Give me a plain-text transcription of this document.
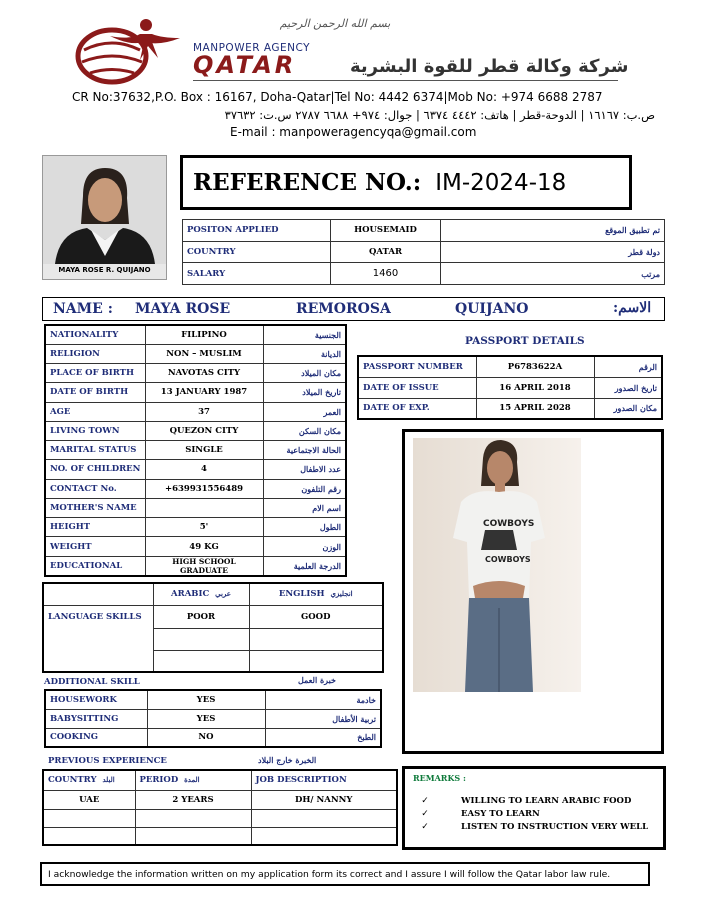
بسم الله الرحمن الرحيم
MANPOWER AGENCY
QATAR	شركة وكالة قطر للقوة البشرية
CR No:37632,P.O. Box : 16167, Doha-Qatar|Tel No: 4442 6374|Mob No: +974 6688 2787
ص.ب: ١٦١٦٧ | الدوحة-قطر | هاتف: ٤٤٤٢ ٦٣٧٤ | جوال: ٩٧٤+ ٦٦٨٨ ٢٧٨٧ س.ت: ٣٧٦٣٢
E-mail : manpoweragencyqa@gmail.com
MAYA ROSE R. QUIJANO
REFERENCE NO.: IM-2024-18
POSITON APPLIED	HOUSEMAID	تم تطبيق الموقع
COUNTRY	QATAR	دولة قطر
SALARY	1460	مرتب
NAME : MAYA ROSE	REMOROSA	QUIJANO	الاسم:
NATIONALITY	FILIPINO	الجنسية
RELIGION	NON – MUSLIM	الديانة
PLACE OF BIRTH	NAVOTAS CITY	مكان الميلاد
DATE OF BIRTH	13 JANUARY 1987	تاريخ الميلاد
AGE	37	العمر
LIVING TOWN	QUEZON CITY	مكان السكن
MARITAL STATUS	SINGLE	الحالة الاجتماعية
NO. OF CHILDREN	4	عدد الاطفال
CONTACT No.	+639931556489	رقم التلفون
MOTHER'S NAME		اسم الام
HEIGHT	5'	الطول
WEIGHT	49 KG	الوزن
EDUCATIONAL	HIGH SCHOOL GRADUATE	الدرجة العلمية
PASSPORT DETAILS
PASSPORT NUMBER	P6783622A	الرقم
DATE OF ISSUE	16 APRIL 2018	تاريخ الصدور
DATE OF EXP.	15 APRIL 2028	مكان الصدور
COWBOYS
COWBOYS
	ARABIC عربي	ENGLISH انجليزي
LANGUAGE SKILLS	POOR	GOOD

ADDITIONAL SKILL	خبرة العمل
HOUSEWORK	YES	خادمة
BABYSITTING	YES	تربية الأطفال
COOKING	NO	الطبخ
PREVIOUS EXPERIENCE	الخبرة خارج البلاد
COUNTRY البلد	PERIOD المدة	JOB DESCRIPTION
UAE	2 YEARS	DH/ NANNY

REMARKS :
✓	WILLING TO LEARN ARABIC FOOD
✓	EASY TO LEARN
✓	LISTEN TO INSTRUCTION VERY WELL
I acknowledge the information written on my application form its correct and I assure I will follow the Qatar labor law rule.
